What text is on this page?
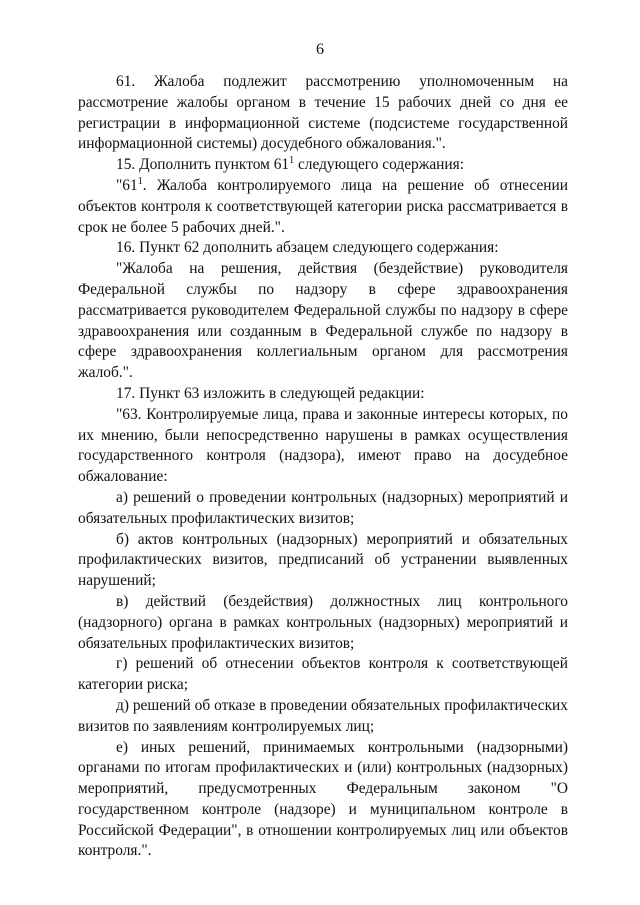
6

61. Жалоба подлежит рассмотрению уполномоченным на рассмотрение жалобы органом в течение 15 рабочих дней со дня ее регистрации в информационной системе (подсистеме государственной информационной системы) досудебного обжалования.".

15. Дополнить пунктом $61^1$ следующего содержания:

"$61^1$. Жалоба контролируемого лица на решение об отнесении объектов контроля к соответствующей категории риска рассматривается в срок не более 5 рабочих дней.".

16. Пункт 62 дополнить абзацем следующего содержания:

"Жалоба на решения, действия (бездействие) руководителя Федеральной службы по надзору в сфере здравоохранения рассматривается руководителем Федеральной службы по надзору в сфере здравоохранения или созданным в Федеральной службе по надзору в сфере здравоохранения коллегиальным органом для рассмотрения жалоб.".

17. Пункт 63 изложить в следующей редакции:

"63. Контролируемые лица, права и законные интересы которых, по их мнению, были непосредственно нарушены в рамках осуществления государственного контроля (надзора), имеют право на досудебное обжалование:

а) решений о проведении контрольных (надзорных) мероприятий и обязательных профилактических визитов;

б) актов контрольных (надзорных) мероприятий и обязательных профилактических визитов, предписаний об устранении выявленных нарушений;

в) действий (бездействия) должностных лиц контрольного (надзорного) органа в рамках контрольных (надзорных) мероприятий и обязательных профилактических визитов;

г) решений об отнесении объектов контроля к соответствующей категории риска;

д) решений об отказе в проведении обязательных профилактических визитов по заявлениям контролируемых лиц;

е) иных решений, принимаемых контрольными (надзорными) органами по итогам профилактических и (или) контрольных (надзорных) мероприятий, предусмотренных Федеральным законом "О государственном контроле (надзоре) и муниципальном контроле в Российской Федерации", в отношении контролируемых лиц или объектов контроля.".
